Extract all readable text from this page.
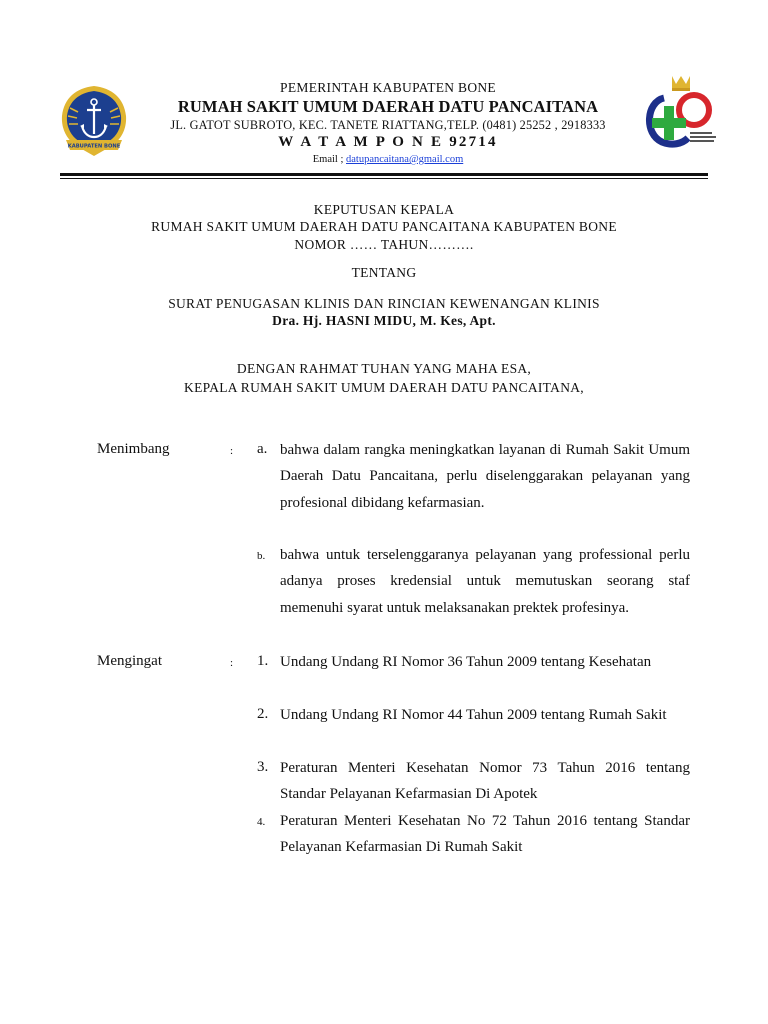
KABUPATEN BONE
PEMERINTAH KABUPATEN BONE
RUMAH SAKIT UMUM DAERAH DATU PANCAITANA
JL. GATOT SUBROTO, KEC. TANETE RIATTANG,TELP. (0481) 25252 , 2918333
W A T A M P O N E 92714
Email ; datupancaitana@gmail.com
KEPUTUSAN KEPALA
RUMAH SAKIT UMUM DAERAH DATU PANCAITANA KABUPATEN BONE
NOMOR …… TAHUN……….
TENTANG
SURAT PENUGASAN KLINIS DAN RINCIAN KEWENANGAN KLINIS
Dra. Hj. HASNI MIDU, M. Kes, Apt.
DENGAN RAHMAT TUHAN YANG MAHA ESA,
KEPALA RUMAH SAKIT UMUM DAERAH DATU PANCAITANA,
Menimbang	: a. bahwa dalam rangka meningkatkan layanan di Rumah Sakit Umum Daerah Datu Pancaitana, perlu diselenggarakan pelayanan yang profesional dibidang kefarmasian.
b. bahwa untuk terselenggaranya pelayanan yang professional perlu adanya proses kredensial untuk memutuskan seorang staf memenuhi syarat untuk melaksanakan prektek profesinya.
Mengingat	: 1. Undang Undang RI Nomor 36 Tahun 2009 tentang Kesehatan
2. Undang Undang RI Nomor 44 Tahun 2009 tentang Rumah Sakit
3. Peraturan Menteri Kesehatan Nomor 73 Tahun 2016 tentang Standar Pelayanan Kefarmasian Di Apotek
4. Peraturan Menteri Kesehatan No 72 Tahun 2016 tentang Standar Pelayanan Kefarmasian Di Rumah Sakit
